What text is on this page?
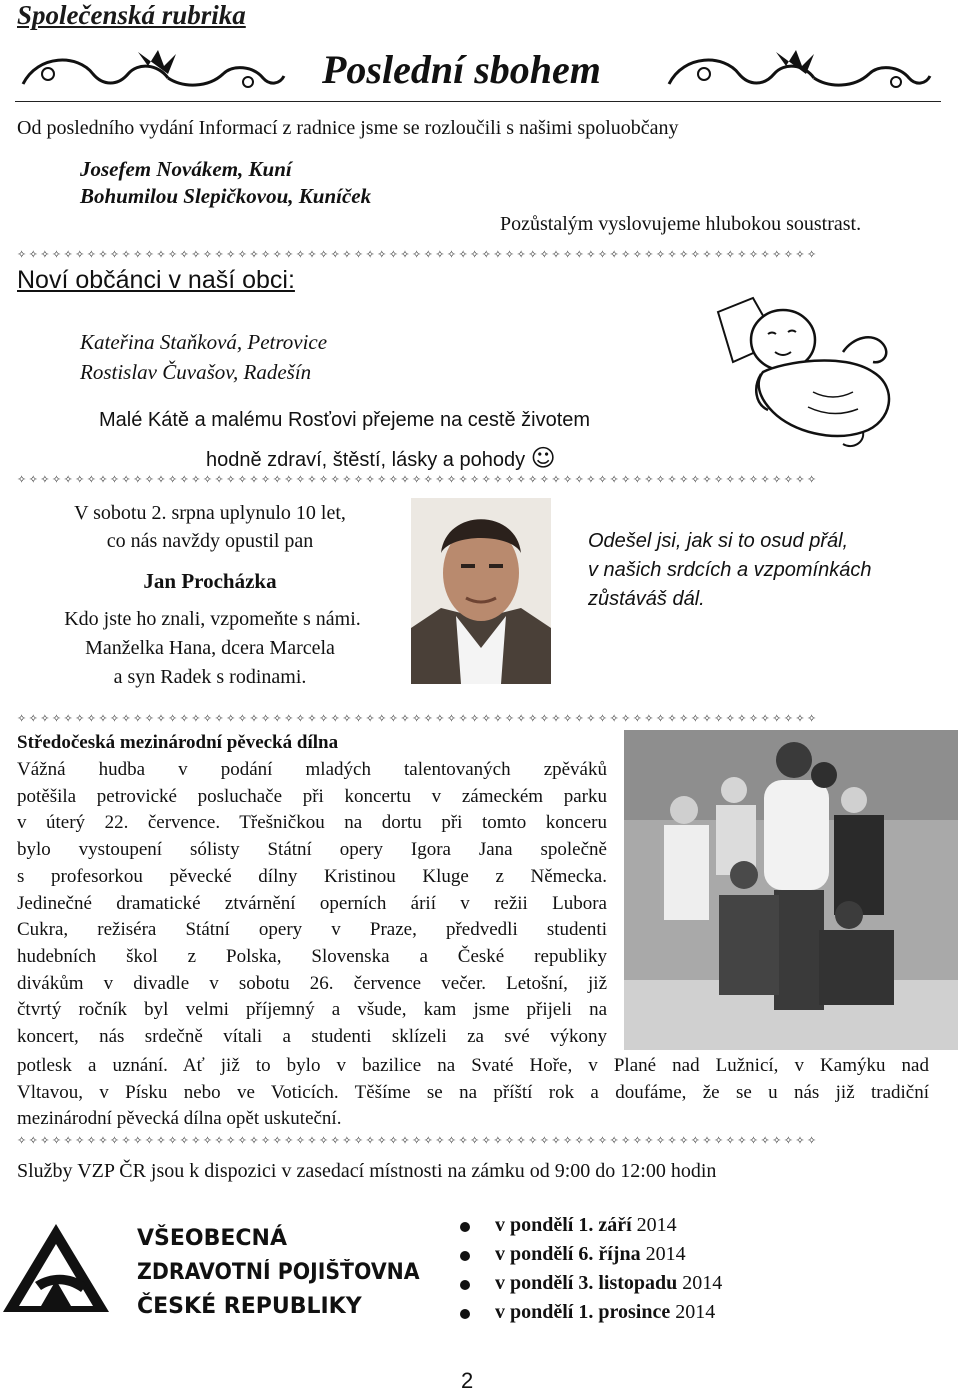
Společenská rubrika
Poslední sbohem
Od posledního vydání Informací z radnice jsme se rozloučili s našimi spoluobčany
Josefem Novákem, Kuní
Bohumilou Slepičkovou, Kuníček
Pozůstalým vyslovujeme hlubokou soustrast.
✧✧✧✧✧✧✧✧✧✧✧✧✧✧✧✧✧✧✧✧✧✧✧✧✧✧✧✧✧✧✧✧✧✧✧✧✧✧✧✧✧✧✧✧✧✧✧✧✧✧✧✧✧✧✧✧✧✧✧✧✧✧✧✧✧✧✧✧✧
Noví občánci v naší obci:
Kateřina Staňková, Petrovice
Rostislav Čuvašov, Radešín
Malé Kátě a malému Rosťovi přejeme na cestě životem
hodně zdraví, štěstí, lásky a pohody ☺
✧✧✧✧✧✧✧✧✧✧✧✧✧✧✧✧✧✧✧✧✧✧✧✧✧✧✧✧✧✧✧✧✧✧✧✧✧✧✧✧✧✧✧✧✧✧✧✧✧✧✧✧✧✧✧✧✧✧✧✧✧✧✧✧✧✧✧✧✧
V sobotu 2. srpna uplynulo 10 let,
co nás navždy opustil pan
Jan Procházka
Kdo jste ho znali, vzpomeňte s námi.
Manželka Hana, dcera Marcela
a syn Radek s rodinami.
Odešel jsi, jak si to osud přál,
v našich srdcích a vzpomínkách
zůstáváš dál.
✧✧✧✧✧✧✧✧✧✧✧✧✧✧✧✧✧✧✧✧✧✧✧✧✧✧✧✧✧✧✧✧✧✧✧✧✧✧✧✧✧✧✧✧✧✧✧✧✧✧✧✧✧✧✧✧✧✧✧✧✧✧✧✧✧✧✧✧✧
Středočeská mezinárodní pěvecká dílna
Vážná hudba v podání mladých talentovaných zpěváků
potěšila petrovické posluchače při koncertu v zámeckém parku
v úterý 22. července. Třešničkou na dortu při tomto konceru
bylo vystoupení sólisty Státní opery Igora Jana společně
s profesorkou pěvecké dílny Kristinou Kluge z Německa.
Jedinečné dramatické ztvárnění operních árií v režii Lubora
Cukra, režiséra Státní opery v Praze, předvedli studenti
hudebních škol z Polska, Slovenska a České republiky
divákům v divadle v sobotu 26. července večer. Letošní, již
čtvrtý ročník byl velmi příjemný a všude, kam jsme přijeli na
koncert, nás srdečně vítali a studenti sklízeli za své výkony
potlesk a uznání. Ať již to bylo v bazilice na Svaté Hoře, v Plané nad Lužnicí, v Kamýku nad
Vltavou, v Písku nebo ve Voticích. Těšíme se na příští rok a doufáme, že se u nás již tradiční
mezinárodní pěvecká dílna opět uskuteční.
✧✧✧✧✧✧✧✧✧✧✧✧✧✧✧✧✧✧✧✧✧✧✧✧✧✧✧✧✧✧✧✧✧✧✧✧✧✧✧✧✧✧✧✧✧✧✧✧✧✧✧✧✧✧✧✧✧✧✧✧✧✧✧✧✧✧✧✧✧
Služby VZP ČR jsou k dispozici v zasedací místnosti na zámku od 9:00 do 12:00 hodin
VŠEOBECNÁ
ZDRAVOTNÍ POJIŠŤOVNA
ČESKÉ REPUBLIKY
v pondělí 1. září 2014
v pondělí 6. října 2014
v pondělí 3. listopadu 2014
v pondělí 1. prosince 2014
2
